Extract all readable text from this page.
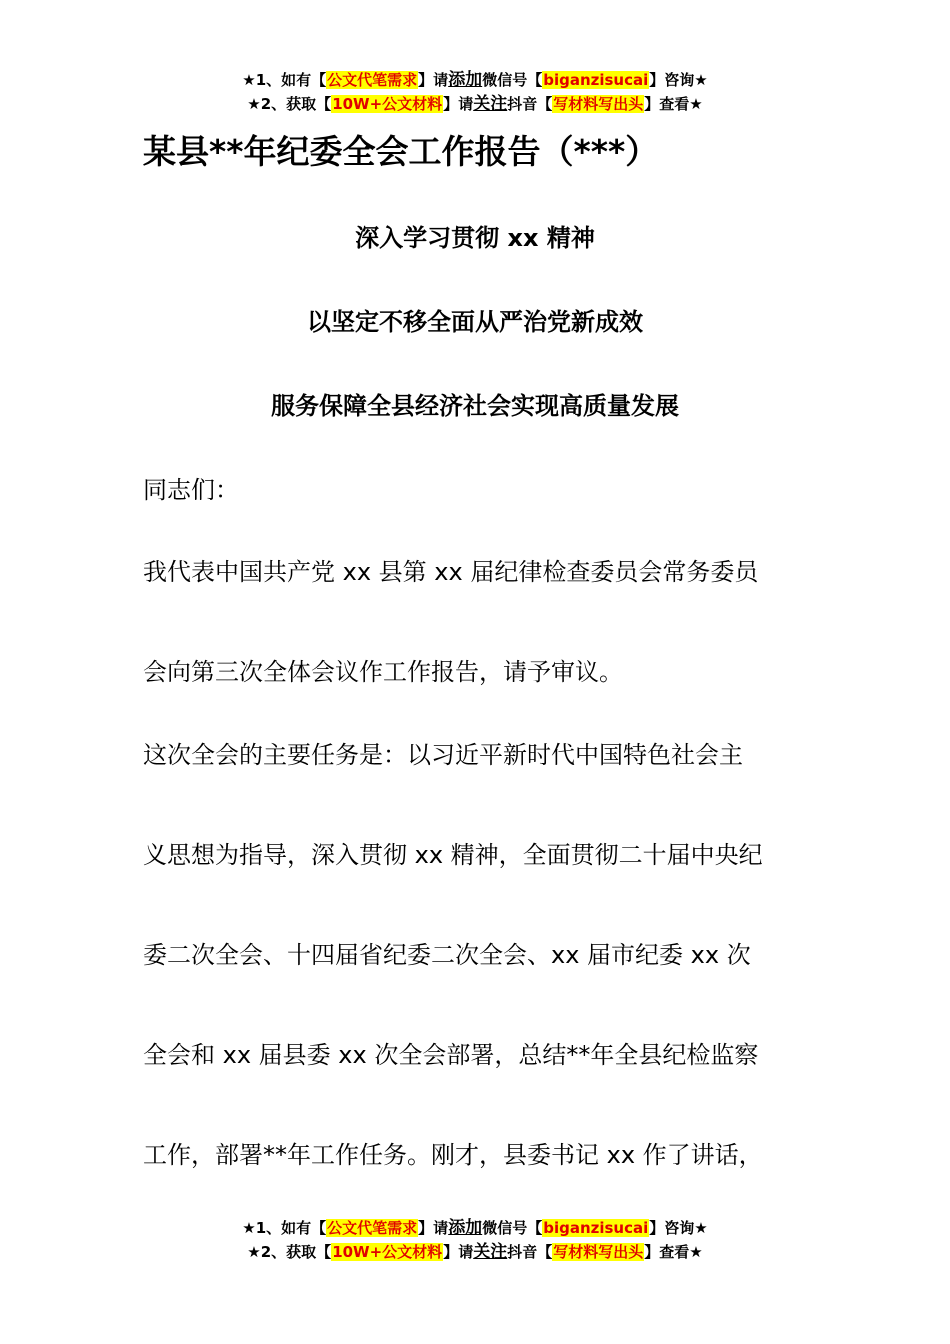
★1、如有【公文代笔需求】请添加微信号【biganzisucai】咨询★
★2、获取【10W+公文材料】请关注抖音【写材料写出头】查看★
某县**年纪委全会工作报告（***）
深入学习贯彻 xx 精神
以坚定不移全面从严治党新成效
服务保障全县经济社会实现高质量发展
同志们：
我代表中国共产党 xx 县第 xx 届纪律检查委员会常务委员
会向第三次全体会议作工作报告，请予审议。
这次全会的主要任务是：以习近平新时代中国特色社会主
义思想为指导，深入贯彻 xx 精神，全面贯彻二十届中央纪
委二次全会、十四届省纪委二次全会、xx 届市纪委 xx 次
全会和 xx 届县委 xx 次全会部署，总结**年全县纪检监察
工作，部署**年工作任务。刚才，县委书记 xx 作了讲话，
★1、如有【公文代笔需求】请添加微信号【biganzisucai】咨询★
★2、获取【10W+公文材料】请关注抖音【写材料写出头】查看★
